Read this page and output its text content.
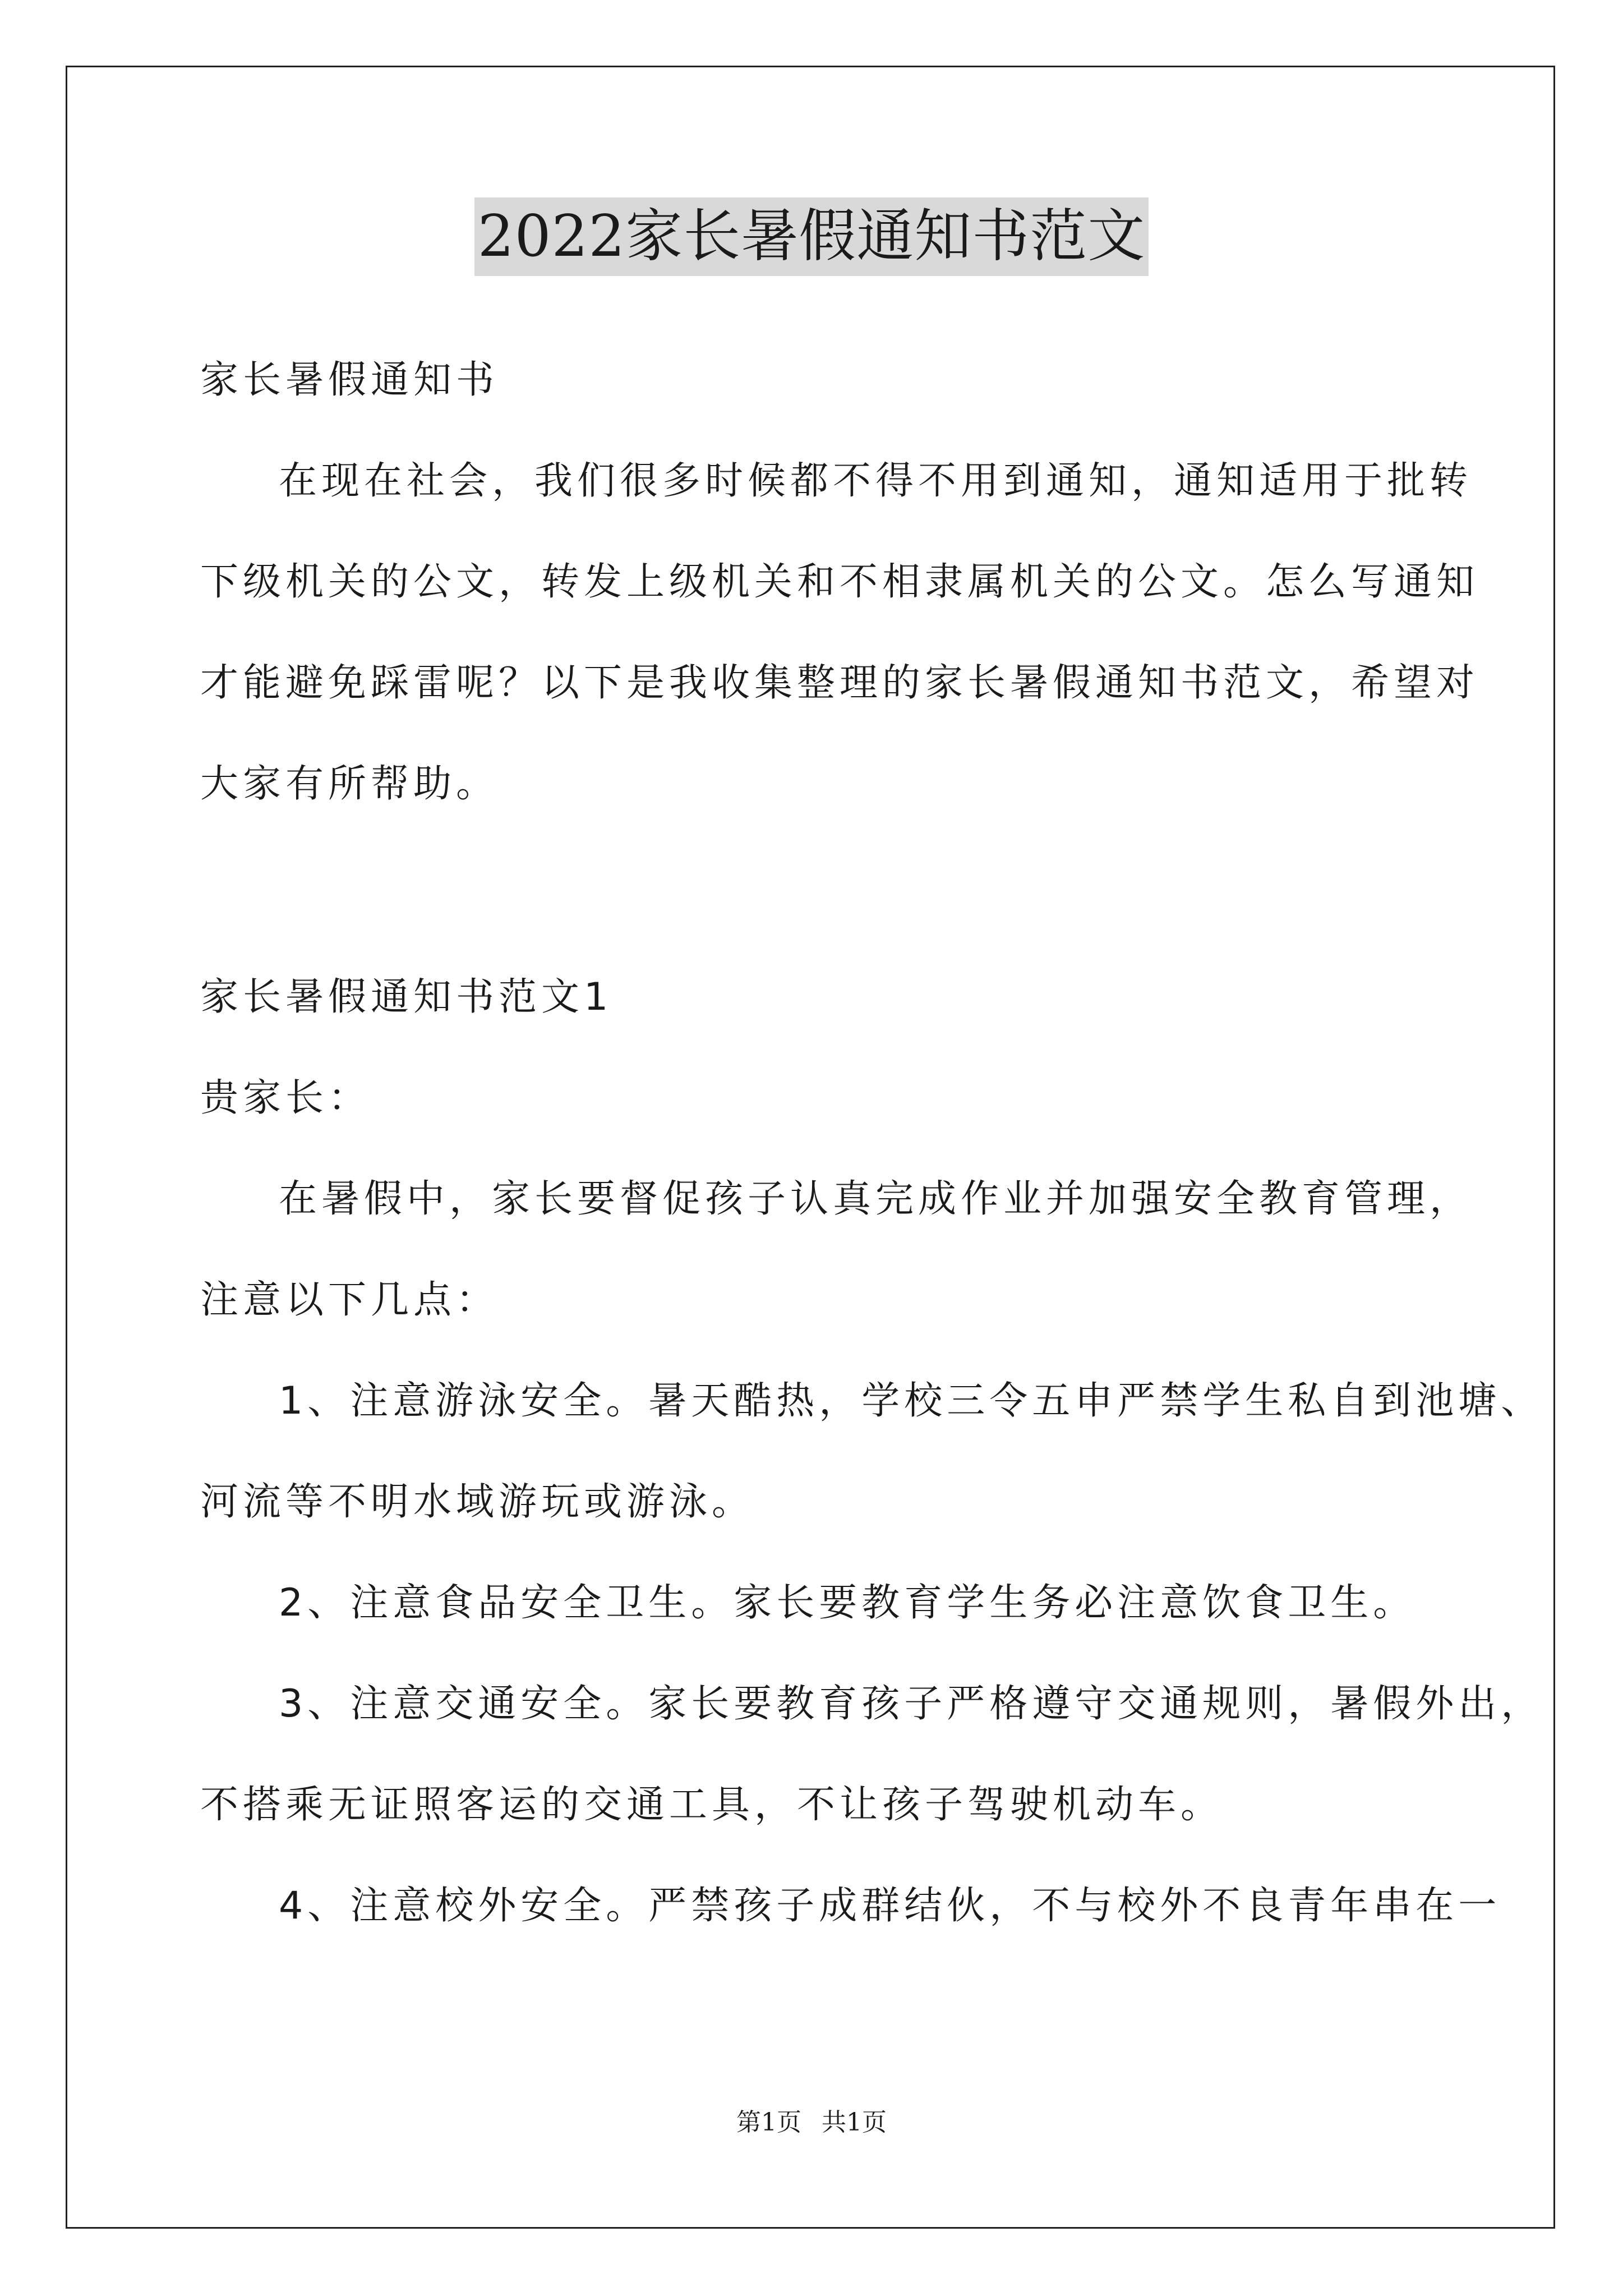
2022家长暑假通知书范文
家长暑假通知书
在现在社会，我们很多时候都不得不用到通知，通知适用于批转
下级机关的公文，转发上级机关和不相隶属机关的公文。怎么写通知
才能避免踩雷呢？以下是我收集整理的家长暑假通知书范文，希望对
大家有所帮助。
家长暑假通知书范文1
贵家长：
在暑假中，家长要督促孩子认真完成作业并加强安全教育管理，
注意以下几点：
1、注意游泳安全。暑天酷热，学校三令五申严禁学生私自到池塘、
河流等不明水域游玩或游泳。
2、注意食品安全卫生。家长要教育学生务必注意饮食卫生。
3、注意交通安全。家长要教育孩子严格遵守交通规则，暑假外出，
不搭乘无证照客运的交通工具，不让孩子驾驶机动车。
4、注意校外安全。严禁孩子成群结伙，不与校外不良青年串在一
第1页 共1页
